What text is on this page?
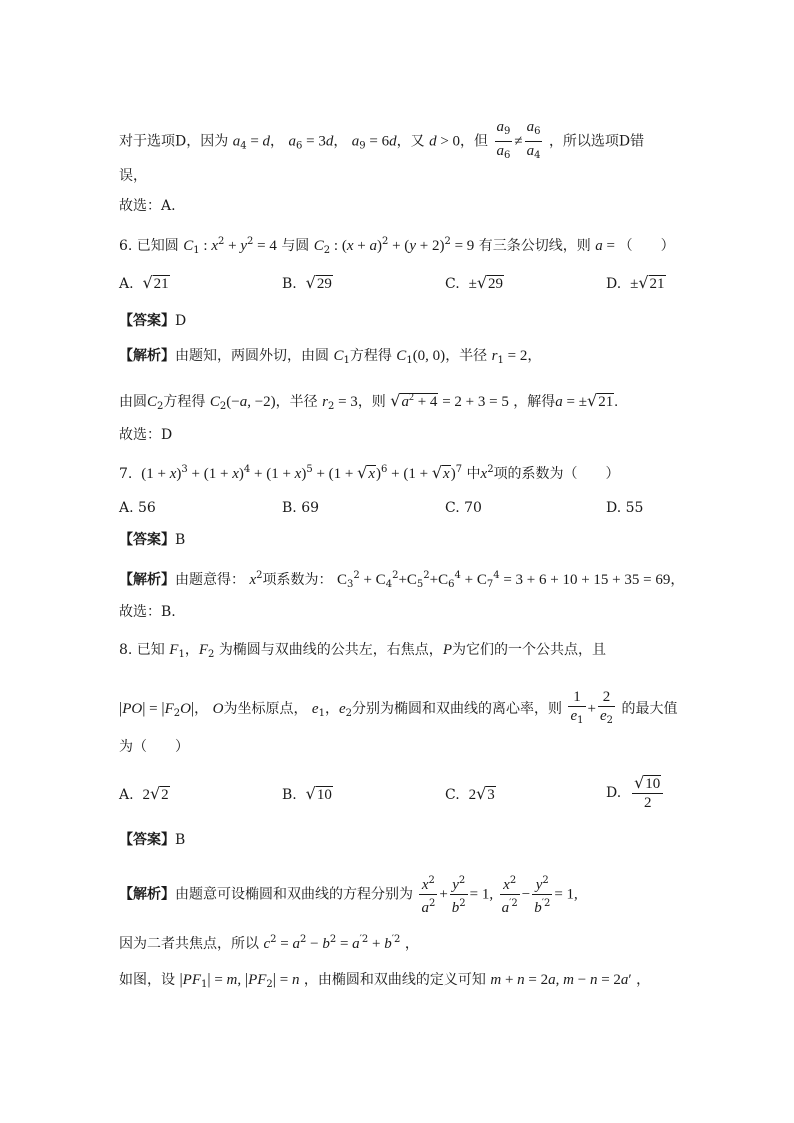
对于选项D，因为 $a_4 = d$， $a_6 = 3d$， $a_9 = 6d$，又 d > 0，但 $\frac{a_9}{a_6} \ne \frac{a_6}{a_4}$ ，所以选项D错
误，
故选：A.
6. 已知圆 $C_1$ : $x^2 + y^2 = 4$ 与圆 $C_2$ : $(x + a)^2 + (y + 2)^2 = 9$ 有三条公切线，则 a = （　　）
A. √21	B. √29	C. ±√29	D. ±√21
【答案】D
【解析】由题知，两圆外切，由圆 $C_1$方程得 $C_1(0$, 0)，半径 $r_1 = 2$，
由圆$C_2$方程得 $C_2(-a$, −2)，半径 $r_2 = 3$，则 $√a^2 + 4 = 2 + 3 = 5$ ，解得a = ±√21.
故选：D
7. $(1 + x)^3 + (1 + x)^4 + (1 + x)^5 + (1 + √x)^6 + (1 + √x)^7$ 中$x^2$项的系数为（　　）
A. 56	B. 69	C. 70	D. 55
【答案】B
【解析】由题意得： $x^2$项系数为： $C_3^2 + C_4^2+C_5^2+C_6^4 + C_7^4 = 3 + 6 + 10 + 15 + 35 = 69$，
故选：B.
8. 已知 $F_1$，$F_2$ 为椭圆与双曲线的公共左，右焦点，P为它们的一个公共点，且
$|PO| = |F_2O|$， O为坐标原点， $e_1$，$e_2$分别为椭圆和双曲线的离心率，则 $\frac{1}{e_1} + \frac{2}{e_2}$ 的最大值
为（　　）
A. 2√2	B. √10	C. 2√3	D. $\frac{√10}{2}$
【答案】B
【解析】由题意可设椭圆和双曲线的方程分别为 $\frac{x^2}{a^2} + \frac{y^2}{b^2} = 1$, $\frac{x^2}{a^{'2}} - \frac{y^2}{b^{'2}} = 1$,
因为二者共焦点，所以 $c^2 = a^2 - b^2 = a^{'2} + b^{'2}$ ，
如图，设 $|PF_1| = m$, $|PF_2| = n$ ，由椭圆和双曲线的定义可知 m + n = 2a, m − n = 2a′ ，
